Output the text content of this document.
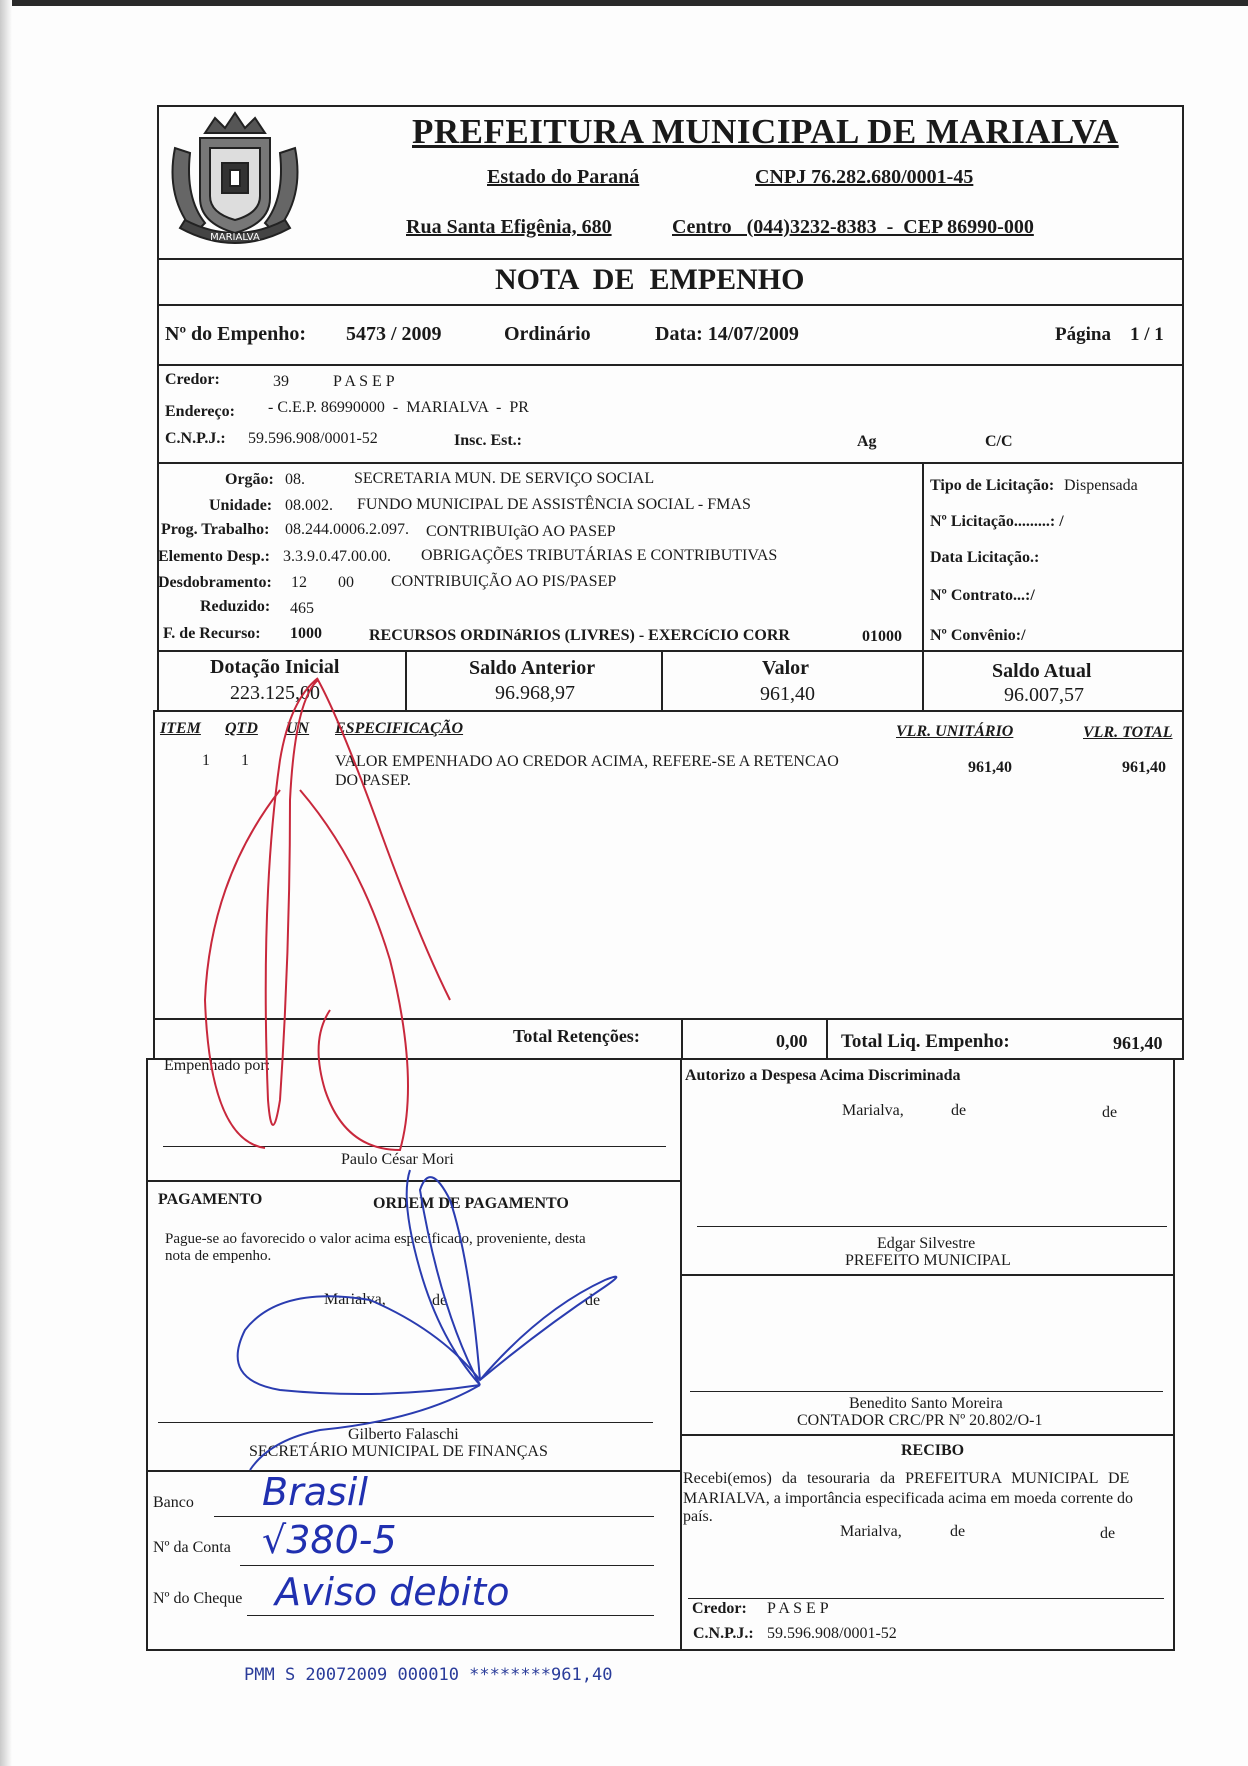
MARIALVA
PREFEITURA MUNICIPAL DE MARIALVA
Estado do Paraná	CNPJ 76.282.680/0001-45
Rua Santa Efigênia, 680	Centro   (044)3232-8383  -  CEP 86990-000
NOTA  DE  EMPENHO
Nº do Empenho: 5473 / 2009	Ordinário	Data: 14/07/2009	Página 1 / 1
Credor:	39	P A S E P
Endereço: - C.E.P. 86990000  -  MARIALVA  -  PR
C.N.P.J.: 59.596.908/0001-52	Insc. Est.:	Ag	C/C
Orgão: 08.	SECRETARIA MUN. DE SERVIÇO SOCIAL
Unidade: 08.002. FUNDO MUNICIPAL DE ASSISTÊNCIA SOCIAL - FMAS
Prog. Trabalho: 08.244.0006.2.097. CONTRIBUIçãO AO PASEP
Elemento Desp.: 3.3.9.0.47.00.00. OBRIGAÇÕES TRIBUTÁRIAS E CONTRIBUTIVAS
Desdobramento: 12 00 CONTRIBUIÇÃO AO PIS/PASEP
Reduzido: 465
F. de Recurso: 1000	RECURSOS ORDINáRIOS (LIVRES) - EXERCíCIO CORR	01000
Tipo de Licitação: Dispensada
Nº Licitação.........: /
Data Licitação.:
Nº Contrato...:/
Nº Convênio:/
Dotação Inicial
223.125,00
Saldo Anterior
96.968,97
Valor
961,40
Saldo Atual
96.007,57
ITEM QTD UN ESPECIFICAÇÃO	VLR. UNITÁRIO	VLR. TOTAL
1 1	VALOR EMPENHADO AO CREDOR ACIMA, REFERE-SE A RETENCAO
DO PASEP.
961,40	961,40
Total Retenções:	0,00 Total Liq. Empenho:	961,40
Empenhado por:
Paulo César Mori
Autorizo a Despesa Acima Discriminada
Marialva,	de	de
Edgar Silvestre
PREFEITO MUNICIPAL
PAGAMENTO	ORDEM DE PAGAMENTO
Pague-se ao favorecido o valor acima especificado, proveniente, desta
nota de empenho.
Marialva,	de	de
Gilberto Falaschi
SECRETÁRIO MUNICIPAL DE FINANÇAS
Benedito Santo Moreira
CONTADOR CRC/PR Nº 20.802/O-1
RECIBO
Recebi(emos) da tesouraria da PREFEITURA MUNICIPAL DE
MARIALVA, a importância especificada acima em moeda corrente do
país.
Marialva,	de	de
Credor: P A S E P
C.N.P.J.: 59.596.908/0001-52
Banco Brasil
Nº da Conta √380-5
Nº do Cheque Aviso debito
PMM S 20072009 000010 ********961,40
